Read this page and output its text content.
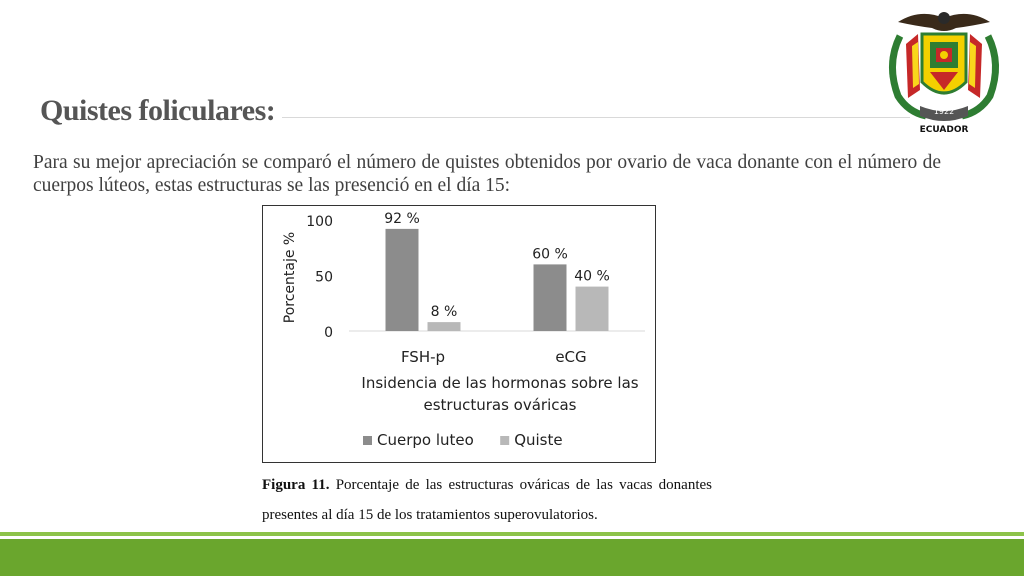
Quistes foliculares:

Para su mejor apreciación se comparó el número de quistes obtenidos por ovario de vaca donante con el número de cuerpos lúteos, estas estructuras se las presenció en el día 15:

0
50
100
Porcentaje %
92 %
8 %
FSH-p
60 %
40 %
eCG
Insidencia de las hormonas sobre las
estructuras ováricas
Cuerpo luteo	Quiste

Figura 11. Porcentaje de las estructuras ováricas de las vacas donantes presentes al día 15 de los tratamientos superovulatorios.

1922
ECUADOR
